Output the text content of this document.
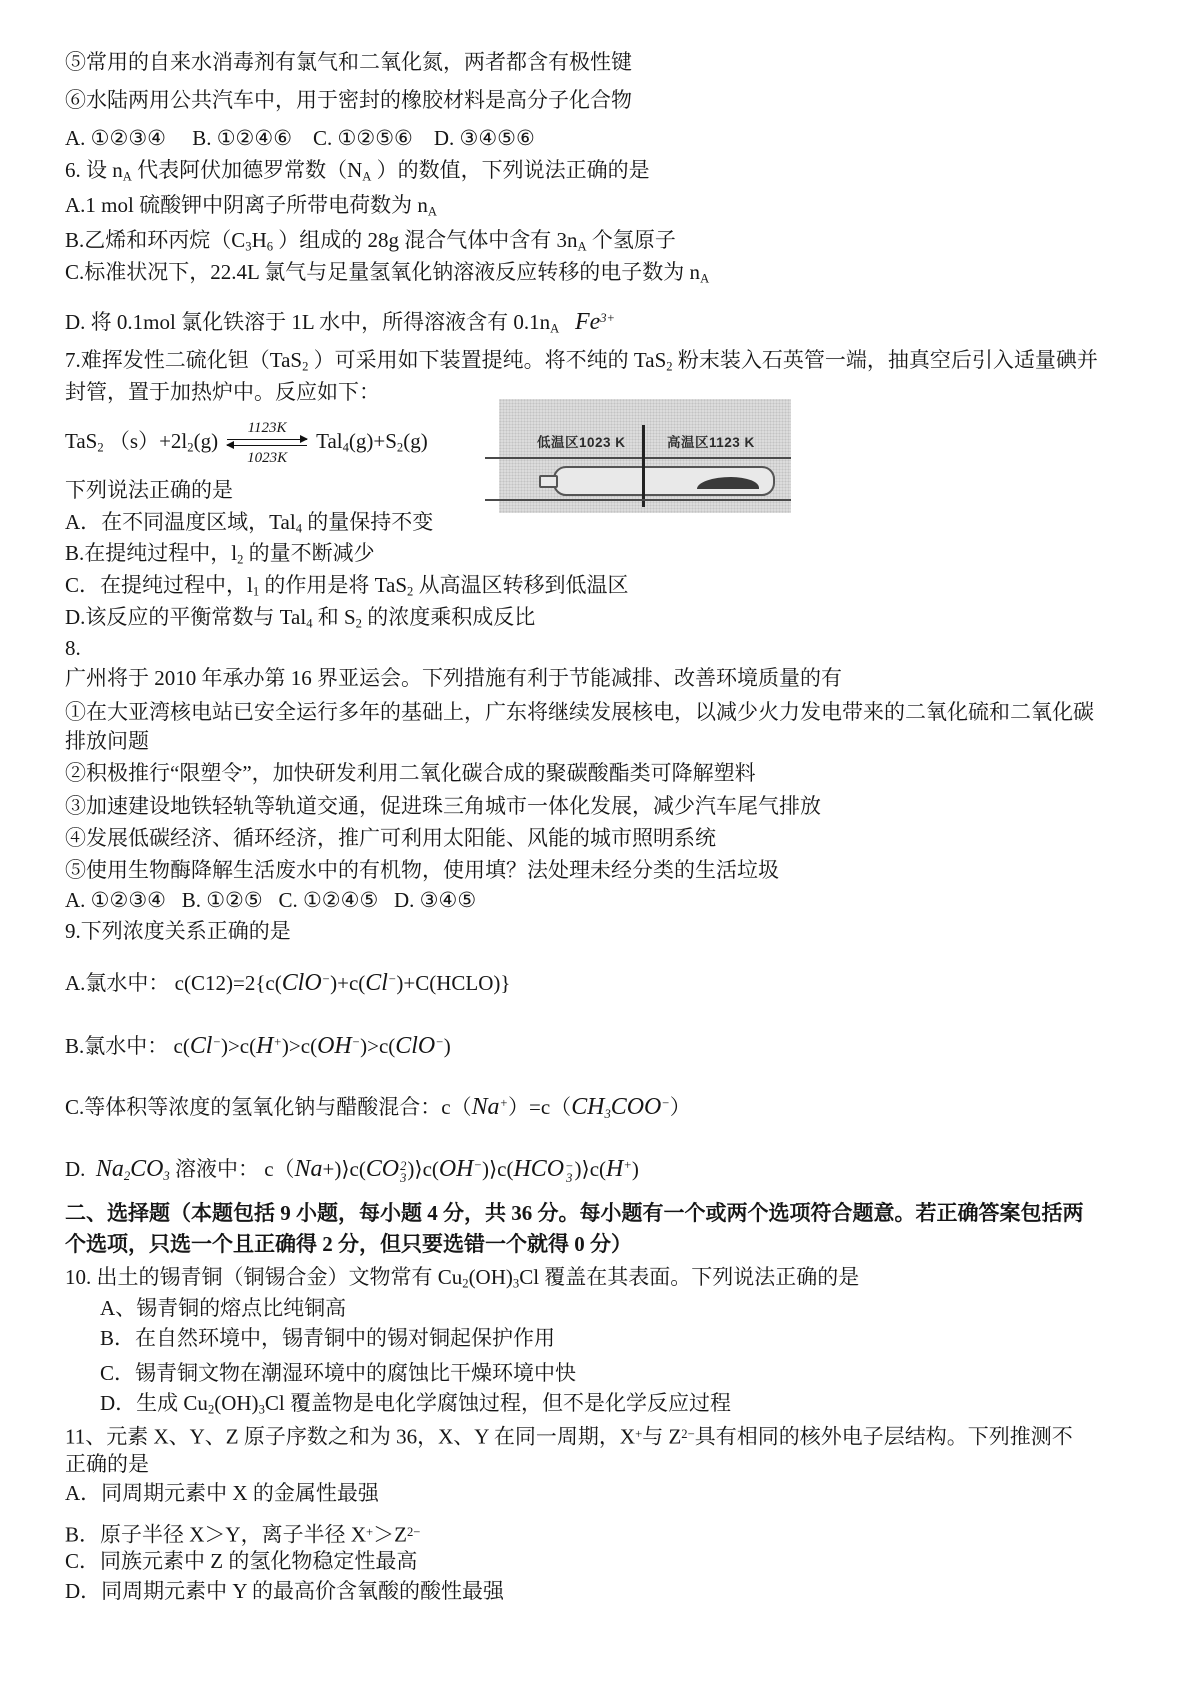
⑤常用的自来水消毒剂有氯气和二氧化氮，两者都含有极性键
⑥水陆两用公共汽车中，用于密封的橡胶材料是高分子化合物
A. ①②③④     B. ①②④⑥    C. ①②⑤⑥    D. ③④⑤⑥
6. 设 $n_A$ 代表阿伏加德罗常数（$N_A$ ）的数值，下列说法正确的是
A.1 mol 硫酸钾中阴离子所带电荷数为 $n_A$
B.乙烯和环丙烷（$C_3H_6$ ）组成的 28g 混合气体中含有 $3n_A$ 个氢原子
C.标准状况下，22.4L 氯气与足量氢氧化钠溶液反应转移的电子数为 $n_A$
D. 将 0.1mol 氯化铁溶于 1L 水中，所得溶液含有 $0.1n_A$ $Fe^{3+}$
7.难挥发性二硫化钽（TaS$_2$ ）可采用如下装置提纯。将不纯的 TaS$_2$ 粉末装入石英管一端，抽真空后引入适量碘并
封管，置于加热炉中。反应如下：
TaS$_2$ $(s)+2l_2(g) \frac{1123K}{1023K} Tal_4(g)+S_2(g)$
下列说法正确的是
A．在不同温度区域，Tal$_4$ 的量保持不变
B.在提纯过程中，$l_2$ 的量不断减少
C．在提纯过程中，$l_1$ 的作用是将 TaS$_2$ 从高温区转移到低温区
D.该反应的平衡常数与 Tal$_4$ 和 $S_2$ 的浓度乘积成反比
8.
广州将于 2010 年承办第 16 界亚运会。下列措施有利于节能减排、改善环境质量的有
①在大亚湾核电站已安全运行多年的基础上，广东将继续发展核电，以减少火力发电带来的二氧化硫和二氧化碳
排放问题
②积极推行“限塑令”，加快研发利用二氧化碳合成的聚碳酸酯类可降解塑料
③加速建设地铁轻轨等轨道交通，促进珠三角城市一体化发展，减少汽车尾气排放
④发展低碳经济、循环经济，推广可利用太阳能、风能的城市照明系统
⑤使用生物酶降解生活废水中的有机物，使用填？法处理未经分类的生活垃圾
A. ①②③④   B. ①②⑤   C. ①②④⑤   D. ③④⑤
9.下列浓度关系正确的是
A.氯水中： c(C12)=2{c(ClO−)+c(Cl−)+C(HCLO)}
B.氯水中： c(Cl−)>c(H+)>c(OH−)>c(ClO−)
C.等体积等浓度的氢氧化钠与醋酸混合：c（Na+）=c（CH3COO−）
D.  Na2CO3 溶液中： c（Na+)⟩c(CO 2
3 )⟩c(OH−)⟩c(HCO −
3 )⟩c(H+)
二、选择题（本题包括 9 小题，每小题 4 分，共 36 分。每小题有一个或两个选项符合题意。若正确答案包括两
个选项，只选一个且正确得 2 分，但只要选错一个就得 0 分）
10. 出土的锡青铜（铜锡合金）文物常有 $Cu_2(OH)_3Cl$ 覆盖在其表面。下列说法正确的是
A、锡青铜的熔点比纯铜高
B．在自然环境中，锡青铜中的锡对铜起保护作用
C．锡青铜文物在潮湿环境中的腐蚀比干燥环境中快
D．生成 $Cu_2(OH)_3Cl$ 覆盖物是电化学腐蚀过程，但不是化学反应过程
11、元素 X、Y、Z 原子序数之和为 36，X、Y 在同一周期，X+与 $Z^{2-}$具有相同的核外电子层结构。下列推测不
正确的是
A．同周期元素中 X 的金属性最强
B．原子半径 X＞Y，离子半径 $X^+>Z^{2-}$
C．同族元素中 Z 的氢化物稳定性最高
D．同周期元素中 Y 的最高价含氧酸的酸性最强
低温区1023 K	高温区1123 K
